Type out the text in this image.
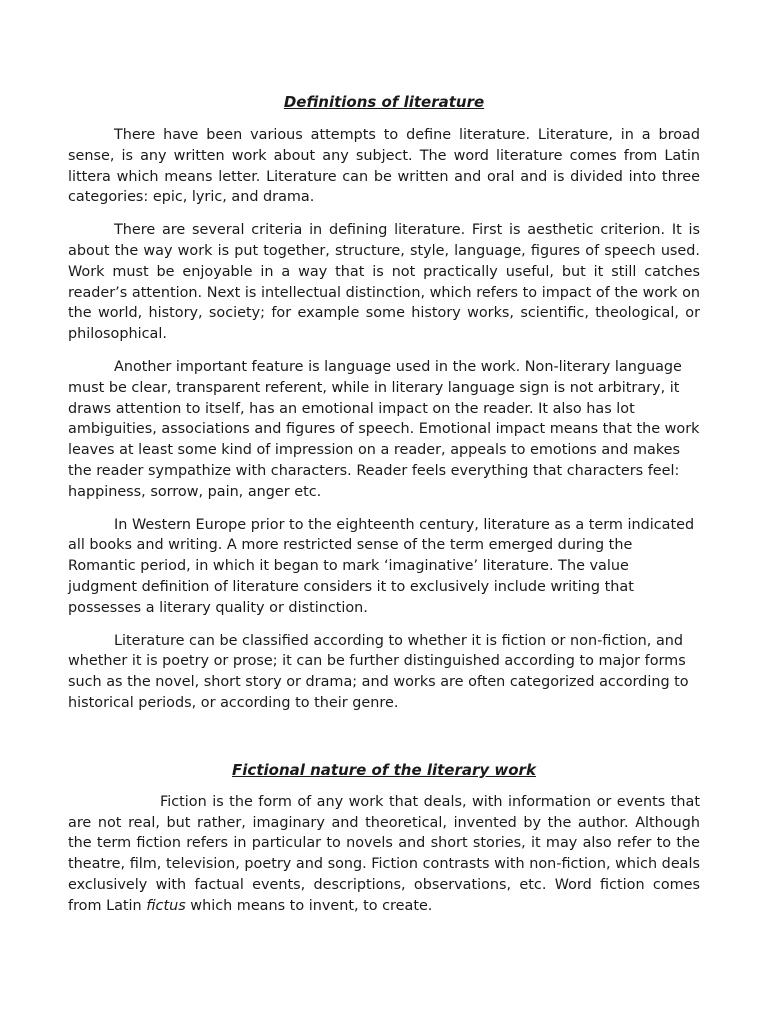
Definitions of literature

There have been various attempts to define literature. Literature, in a broad sense, is any written work about any subject. The word literature comes from Latin littera which means letter. Literature can be written and oral and is divided into three categories: epic, lyric, and drama.

There are several criteria in defining literature. First is aesthetic criterion. It is about the way work is put together, structure, style, language, figures of speech used. Work must be enjoyable in a way that is not practically useful, but it still catches reader’s attention. Next is intellectual distinction, which refers to impact of the work on the world, history, society; for example some history works, scientific, theological, or philosophical.

Another important feature is language used in the work. Non-literary language must be clear, transparent referent, while in literary language sign is not arbitrary, it draws attention to itself, has an emotional impact on the reader. It also has lot ambiguities, associations and figures of speech. Emotional impact means that the work leaves at least some kind of impression on a reader, appeals to emotions and makes the reader sympathize with characters. Reader feels everything that characters feel: happiness, sorrow, pain, anger etc.

In Western Europe prior to the eighteenth century, literature as a term indicated all books and writing. A more restricted sense of the term emerged during the Romantic period, in which it began to mark ‘imaginative’ literature. The value judgment definition of literature considers it to exclusively include writing that possesses a literary quality or distinction.

Literature can be classified according to whether it is fiction or non-fiction, and whether it is poetry or prose; it can be further distinguished according to major forms such as the novel, short story or drama; and works are often categorized according to historical periods, or according to their genre.

Fictional nature of the literary work

Fiction is the form of any work that deals, with information or events that are not real, but rather, imaginary and theoretical, invented by the author. Although the term fiction refers in particular to novels and short stories, it may also refer to the theatre, film, television, poetry and song. Fiction contrasts with non-fiction, which deals exclusively with factual events, descriptions, observations, etc. Word fiction comes from Latin fictus which means to invent, to create.
